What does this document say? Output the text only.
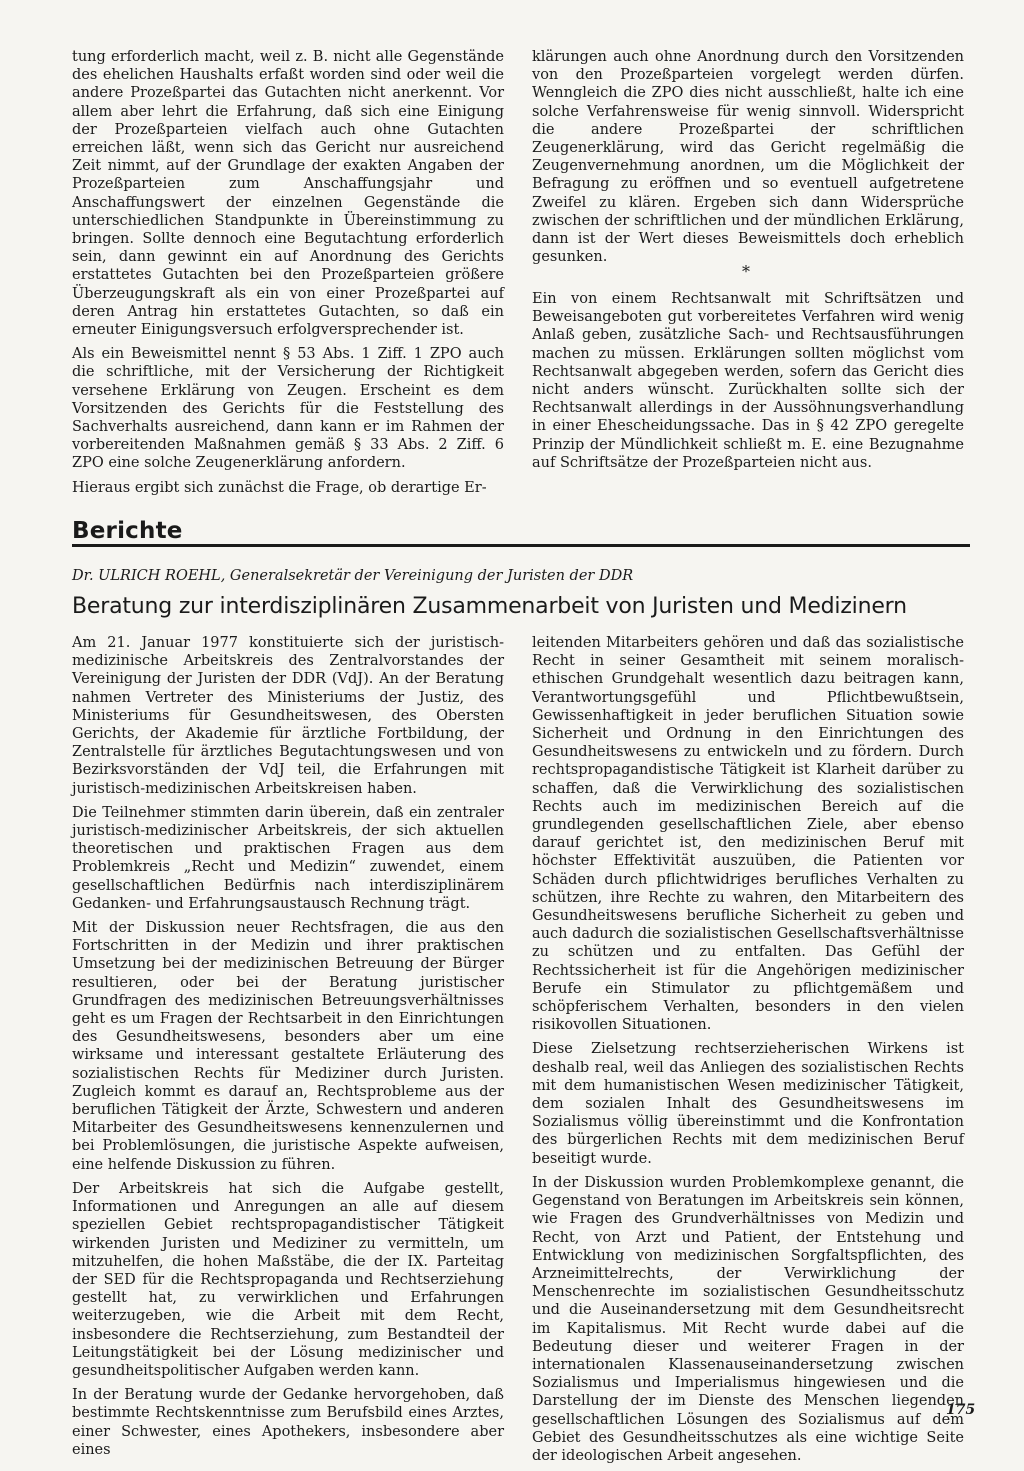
tung erforderlich macht, weil z. B. nicht alle Gegenstände des ehelichen Haushalts erfaßt worden sind oder weil die andere Prozeßpartei das Gutachten nicht anerkennt. Vor allem aber lehrt die Erfahrung, daß sich eine Einigung der Prozeßparteien vielfach auch ohne Gutachten erreichen läßt, wenn sich das Gericht nur ausreichend Zeit nimmt, auf der Grundlage der exakten Angaben der Prozeßparteien zum Anschaffungsjahr und Anschaffungswert der einzelnen Gegenstände die unterschiedlichen Standpunkte in Übereinstimmung zu bringen. Sollte dennoch eine Begutachtung erforderlich sein, dann gewinnt ein auf Anordnung des Gerichts erstattetes Gutachten bei den Prozeßparteien größere Überzeugungskraft als ein von einer Prozeßpartei auf deren Antrag hin erstattetes Gutachten, so daß ein erneuter Einigungsversuch erfolgversprechender ist.

Als ein Beweismittel nennt § 53 Abs. 1 Ziff. 1 ZPO auch die schriftliche, mit der Versicherung der Richtigkeit versehene Erklärung von Zeugen. Erscheint es dem Vorsitzenden des Gerichts für die Feststellung des Sachverhalts ausreichend, dann kann er im Rahmen der vorbereitenden Maßnahmen gemäß § 33 Abs. 2 Ziff. 6 ZPO eine solche Zeugenerklärung anfordern.

Hieraus ergibt sich zunächst die Frage, ob derartige Er-

klärungen auch ohne Anordnung durch den Vorsitzenden von den Prozeßparteien vorgelegt werden dürfen. Wenngleich die ZPO dies nicht ausschließt, halte ich eine solche Verfahrensweise für wenig sinnvoll. Widerspricht die andere Prozeßpartei der schriftlichen Zeugenerklärung, wird das Gericht regelmäßig die Zeugenvernehmung anordnen, um die Möglichkeit der Befragung zu eröffnen und so eventuell aufgetretene Zweifel zu klären. Ergeben sich dann Widersprüche zwischen der schriftlichen und der mündlichen Erklärung, dann ist der Wert dieses Beweismittels doch erheblich gesunken.

*

Ein von einem Rechtsanwalt mit Schriftsätzen und Beweisangeboten gut vorbereitetes Verfahren wird wenig Anlaß geben, zusätzliche Sach- und Rechtsausführungen machen zu müssen. Erklärungen sollten möglichst vom Rechtsanwalt abgegeben werden, sofern das Gericht dies nicht anders wünscht. Zurückhalten sollte sich der Rechtsanwalt allerdings in der Aussöhnungsverhandlung in einer Ehescheidungssache. Das in § 42 ZPO geregelte Prinzip der Mündlichkeit schließt m. E. eine Bezugnahme auf Schriftsätze der Prozeßparteien nicht aus.

Berichte
Dr. ULRICH ROEHL, Generalsekretär der Vereinigung der Juristen der DDR
Beratung zur interdisziplinären Zusammenarbeit von Juristen und Medizinern

Am 21. Januar 1977 konstituierte sich der juristisch-medizinische Arbeitskreis des Zentralvorstandes der Vereinigung der Juristen der DDR (VdJ). An der Beratung nahmen Vertreter des Ministeriums der Justiz, des Ministeriums für Gesundheitswesen, des Obersten Gerichts, der Akademie für ärztliche Fortbildung, der Zentralstelle für ärztliches Begutachtungswesen und von Bezirksvorständen der VdJ teil, die Erfahrungen mit juristisch-medizinischen Arbeitskreisen haben.

Die Teilnehmer stimmten darin überein, daß ein zentraler juristisch-medizinischer Arbeitskreis, der sich aktuellen theoretischen und praktischen Fragen aus dem Problemkreis „Recht und Medizin“ zuwendet, einem gesellschaftlichen Bedürfnis nach interdisziplinärem Gedanken- und Erfahrungsaustausch Rechnung trägt.

Mit der Diskussion neuer Rechtsfragen, die aus den Fortschritten in der Medizin und ihrer praktischen Umsetzung bei der medizinischen Betreuung der Bürger resultieren, oder bei der Beratung juristischer Grundfragen des medizinischen Betreuungsverhältnisses geht es um Fragen der Rechtsarbeit in den Einrichtungen des Gesundheitswesens, besonders aber um eine wirksame und interessant gestaltete Erläuterung des sozialistischen Rechts für Mediziner durch Juristen. Zugleich kommt es darauf an, Rechtsprobleme aus der beruflichen Tätigkeit der Ärzte, Schwestern und anderen Mitarbeiter des Gesundheitswesens kennenzulernen und bei Problemlösungen, die juristische Aspekte aufweisen, eine helfende Diskussion zu führen.

Der Arbeitskreis hat sich die Aufgabe gestellt, Informationen und Anregungen an alle auf diesem speziellen Gebiet rechtspropagandistischer Tätigkeit wirkenden Juristen und Mediziner zu vermitteln, um mitzuhelfen, die hohen Maßstäbe, die der IX. Parteitag der SED für die Rechtspropaganda und Rechtserziehung gestellt hat, zu verwirklichen und Erfahrungen weiterzugeben, wie die Arbeit mit dem Recht, insbesondere die Rechtserziehung, zum Bestandteil der Leitungstätigkeit bei der Lösung medizinischer und gesundheitspolitischer Aufgaben werden kann.

In der Beratung wurde der Gedanke hervorgehoben, daß bestimmte Rechtskenntnisse zum Berufsbild eines Arztes, einer Schwester, eines Apothekers, insbesondere aber eines

leitenden Mitarbeiters gehören und daß das sozialistische Recht in seiner Gesamtheit mit seinem moralisch-ethischen Grundgehalt wesentlich dazu beitragen kann, Verantwortungsgefühl und Pflichtbewußtsein, Gewissenhaftigkeit in jeder beruflichen Situation sowie Sicherheit und Ordnung in den Einrichtungen des Gesundheitswesens zu entwickeln und zu fördern. Durch rechtspropagandistische Tätigkeit ist Klarheit darüber zu schaffen, daß die Verwirklichung des sozialistischen Rechts auch im medizinischen Bereich auf die grundlegenden gesellschaftlichen Ziele, aber ebenso darauf gerichtet ist, den medizinischen Beruf mit höchster Effektivität auszuüben, die Patienten vor Schäden durch pflichtwidriges berufliches Verhalten zu schützen, ihre Rechte zu wahren, den Mitarbeitern des Gesundheitswesens berufliche Sicherheit zu geben und auch dadurch die sozialistischen Gesellschaftsverhältnisse zu schützen und zu entfalten. Das Gefühl der Rechtssicherheit ist für die Angehörigen medizinischer Berufe ein Stimulator zu pflichtgemäßem und schöpferischem Verhalten, besonders in den vielen risikovollen Situationen.

Diese Zielsetzung rechtserzieherischen Wirkens ist deshalb real, weil das Anliegen des sozialistischen Rechts mit dem humanistischen Wesen medizinischer Tätigkeit, dem sozialen Inhalt des Gesundheitswesens im Sozialismus völlig übereinstimmt und die Konfrontation des bürgerlichen Rechts mit dem medizinischen Beruf beseitigt wurde.

In der Diskussion wurden Problemkomplexe genannt, die Gegenstand von Beratungen im Arbeitskreis sein können, wie Fragen des Grundverhältnisses von Medizin und Recht, von Arzt und Patient, der Entstehung und Entwicklung von medizinischen Sorgfaltspflichten, des Arzneimittelrechts, der Verwirklichung der Menschenrechte im sozialistischen Gesundheitsschutz und die Auseinandersetzung mit dem Gesundheitsrecht im Kapitalismus. Mit Recht wurde dabei auf die Bedeutung dieser und weiterer Fragen in der internationalen Klassenauseinandersetzung zwischen Sozialismus und Imperialismus hingewiesen und die Darstellung der im Dienste des Menschen liegenden gesellschaftlichen Lösungen des Sozialismus auf dem Gebiet des Gesundheitsschutzes als eine wichtige Seite der ideologischen Arbeit angesehen.

175
